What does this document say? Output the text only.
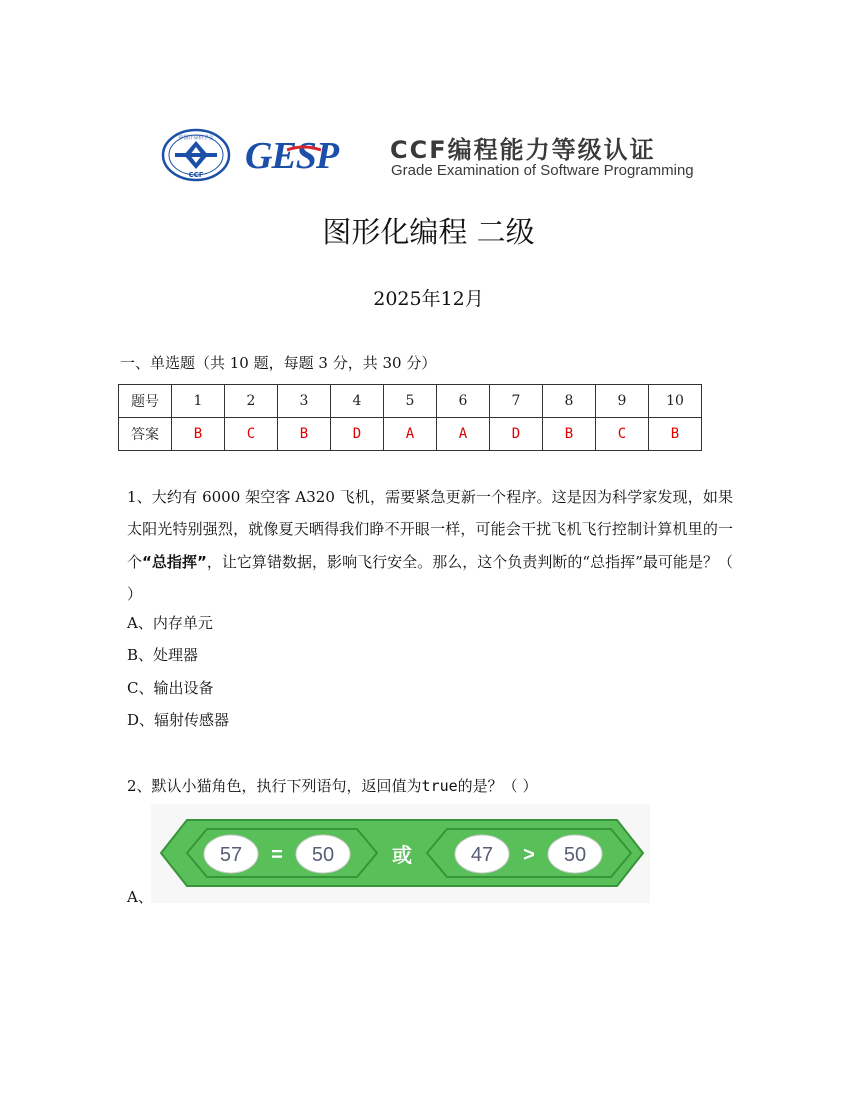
中国计算机学会
CCF GESP CCF编程能力等级认证
Grade Examination of Software Programming
图形化编程 二级
2025年12月
一、单选题（共 10 题，每题 3 分，共 30 分）
题号	1	2	3	4	5	6	7	8	9	10
答案	B	C	B	D	A	A	D	B	C	B
1、大约有 6000 架空客 A320 飞机，需要紧急更新一个程序。这是因为科学家发现，如果太阳光特别强烈，就像夏天晒得我们睁不开眼一样，可能会干扰飞机飞行控制计算机里的一个“总指挥”，让它算错数据，影响飞行安全。那么，这个负责判断的“总指挥”最可能是？（ ）
A、内存单元
B、处理器
C、输出设备
D、辐射传感器
2、默认小猫角色，执行下列语句，返回值为true的是？（ ）
57 = 50	或	47 > 50
A、
